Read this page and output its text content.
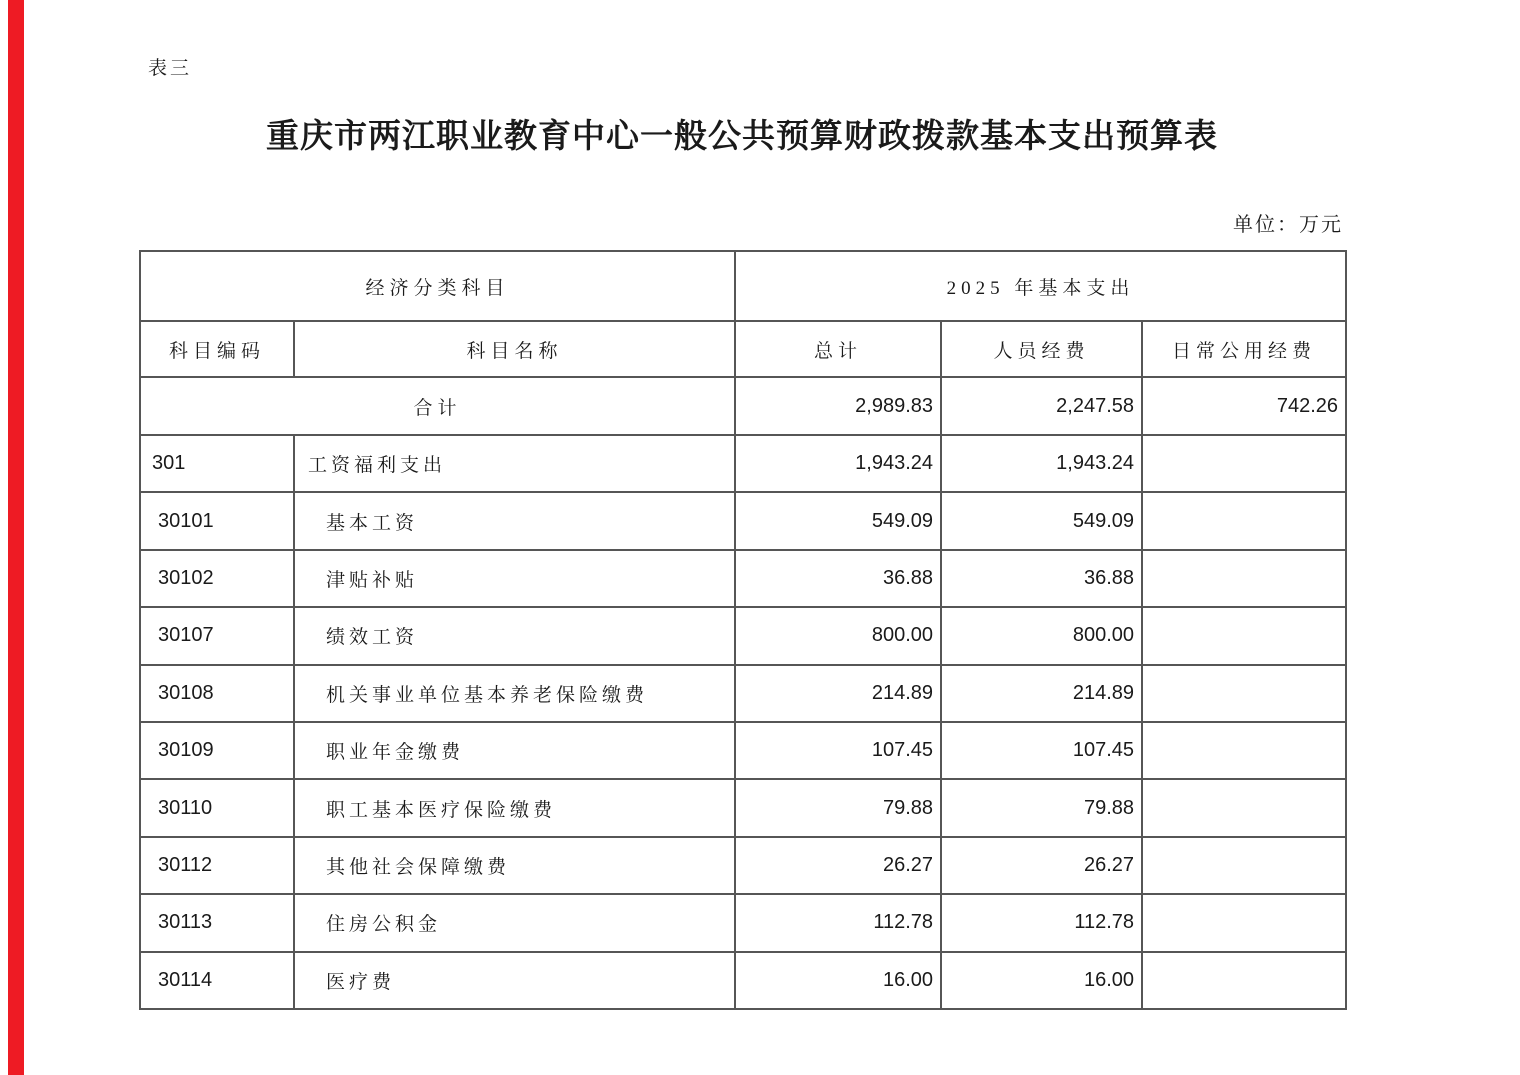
表三
重庆市两江职业教育中心一般公共预算财政拨款基本支出预算表
单位：万元
经济分类科目		2025 年基本支出		
科目编码	科目名称	总计	人员经费	日常公用经费
合计		2,989.83	2,247.58	742.26
301	工资福利支出	1,943.24	1,943.24	
30101	基本工资	549.09	549.09	
30102	津贴补贴	36.88	36.88	
30107	绩效工资	800.00	800.00	
30108	机关事业单位基本养老保险缴费	214.89	214.89	
30109	职业年金缴费	107.45	107.45	
30110	职工基本医疗保险缴费	79.88	79.88	
30112	其他社会保障缴费	26.27	26.27	
30113	住房公积金	112.78	112.78	
30114	医疗费	16.00	16.00	
